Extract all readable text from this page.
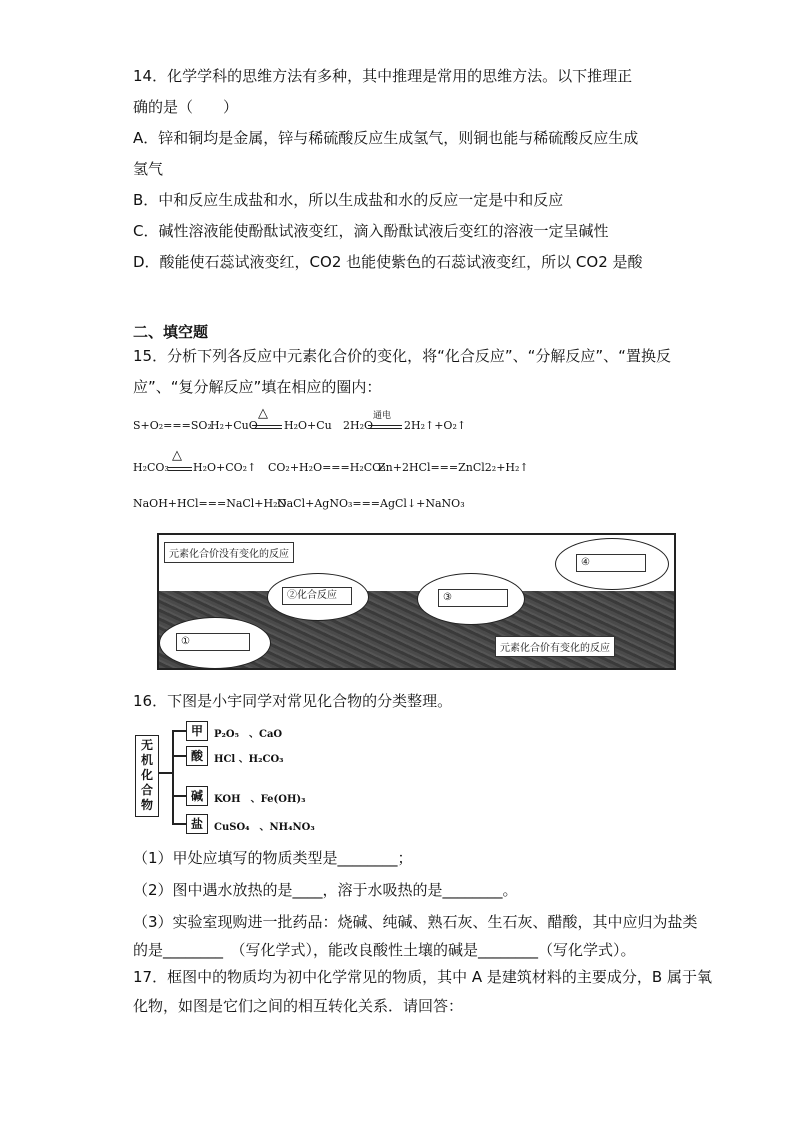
14．化学学科的思维方法有多种，其中推理是常用的思维方法。以下推理正
确的是（　　）
A．锌和铜均是金属，锌与稀硫酸反应生成氢气，则铜也能与稀硫酸反应生成
氢气
B．中和反应生成盐和水，所以生成盐和水的反应一定是中和反应
C．碱性溶液能使酚酞试液变红，滴入酚酞试液后变红的溶液一定呈碱性
D．酸能使石蕊试液变红，CO2 也能使紫色的石蕊试液变红，所以 CO2 是酸
二、填空题
15．分析下列各反应中元素化合价的变化，将“化合反应”、“分解反应”、“置换反
应”、“复分解反应”填在相应的圈内：
S+O₂===SO₂
H₂+CuO
△
H₂O+Cu 2H₂O
通电
2H₂↑+O₂↑
H₂CO₃
△
H₂O+CO₂↑ CO₂+H₂O===H₂CO₃
Zn+2HCl===ZnCl2₂+H₂↑
NaOH+HCl===NaCl+H₂O
NaCl+AgNO₃===AgCl↓+NaNO₃
元素化合价没有变化的反应
④
②化合反应	③
①
元素化合价有变化的反应
16．下图是小宇同学对常见化合物的分类整理。
无
机
化
合
物
甲	P₂O₅　、CaO
酸	HCl 、H₂CO₃
碱	KOH　、Fe(OH)₃
盐	CuSO₄　、NH₄NO₃
（1）甲处应填写的物质类型是________；
（2）图中遇水放热的是____，溶于水吸热的是________。
（3）实验室现购进一批药品：烧碱、纯碱、熟石灰、生石灰、醋酸，其中应归为盐类
的是________　（写化学式），能改良酸性土壤的碱是________（写化学式）。
17．框图中的物质均为初中化学常见的物质，其中 A 是建筑材料的主要成分，B 属于氧
化物，如图是它们之间的相互转化关系．请回答：
